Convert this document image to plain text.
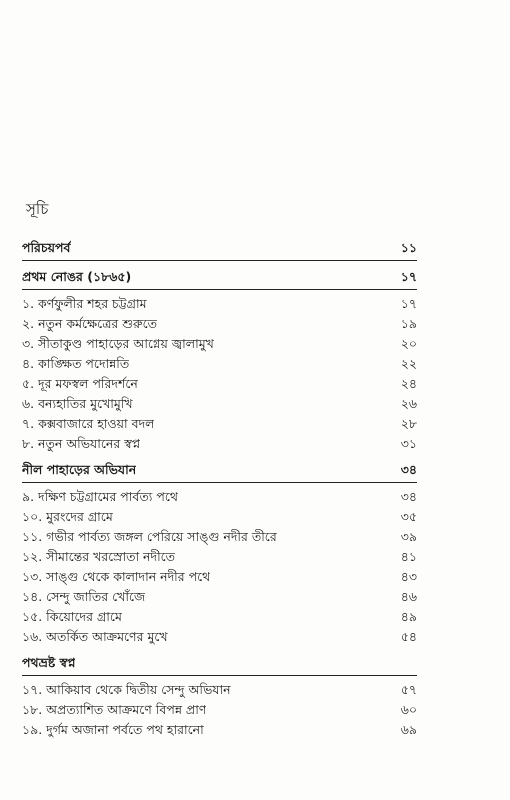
সূচি
পরিচয়পর্ব	১১
প্রথম নোঙর (১৮৬৫)	১৭
১. কর্ণফুলীর শহর চট্টগ্রাম	১৭
২. নতুন কর্মক্ষেত্রের শুরুতে	১৯
৩. সীতাকুণ্ড পাহাড়ের আগ্নেয় জ্বালামুখ	২০
৪. কাঙ্ক্ষিত পদোন্নতি	২২
৫. দূর মফস্বল পরিদর্শনে	২৪
৬. বন্যহাতির মুখোমুখি	২৬
৭. কক্সবাজারে হাওয়া বদল	২৮
৮. নতুন অভিযানের স্বপ্ন	৩১
নীল পাহাড়ের অভিযান	৩৪
৯. দক্ষিণ চট্টগ্রামের পার্বত্য পথে	৩৪
১০. মুরংদের গ্রামে	৩৫
১১. গভীর পার্বত্য জঙ্গল পেরিয়ে সাঙ্গু নদীর তীরে	৩৯
১২. সীমান্তের খরস্রোতা নদীতে	৪১
১৩. সাঙ্গু থেকে কালাদান নদীর পথে	৪৩
১৪. সেন্দু জাতির খোঁজে	৪৬
১৫. কিয়োদের গ্রামে	৪৯
১৬. অতর্কিত আক্রমণের মুখে	৫৪
পথভ্রষ্ট স্বপ্ন
১৭. আকিয়াব থেকে দ্বিতীয় সেন্দু অভিযান	৫৭
১৮. অপ্রত্যাশিত আক্রমণে বিপন্ন প্রাণ	৬০
১৯. দুর্গম অজানা পর্বতে পথ হারানো	৬৯
